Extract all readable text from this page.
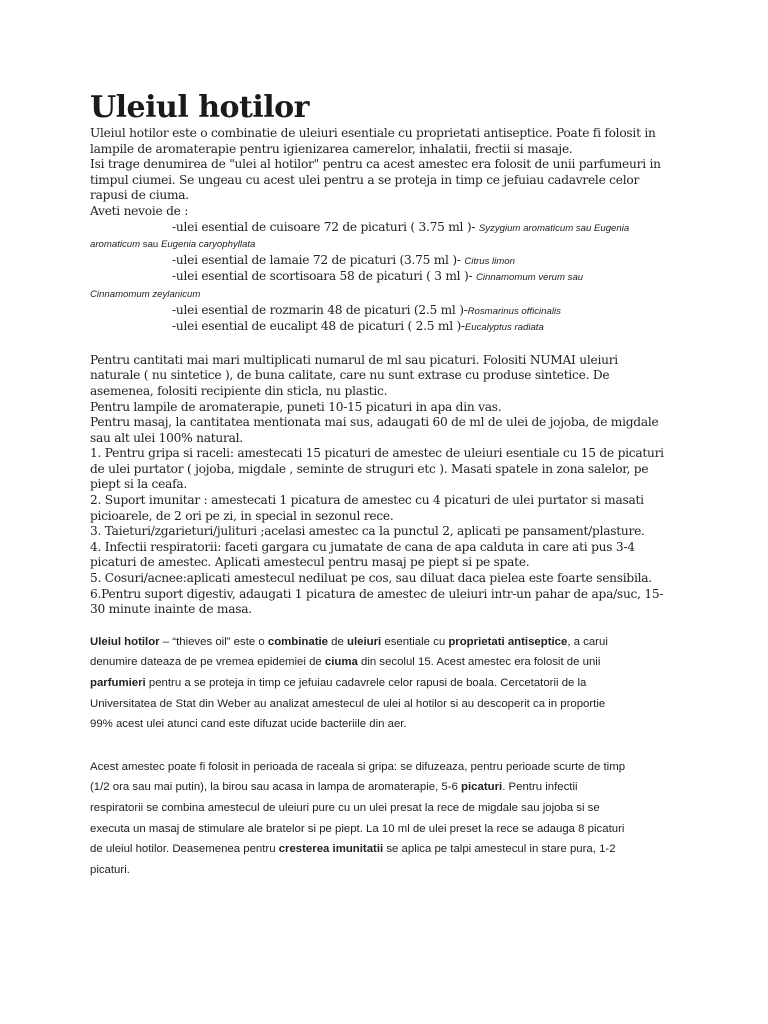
Uleiul hotilor
Uleiul hotilor este o combinatie de uleiuri esentiale cu proprietati antiseptice. Poate fi folosit in
lampile de aromaterapie pentru igienizarea camerelor, inhalatii, frectii si masaje.
Isi trage denumirea de "ulei al hotilor" pentru ca acest amestec era folosit de unii parfumeuri in
timpul ciumei. Se ungeau cu acest ulei pentru a se proteja in timp ce jefuiau cadavrele celor
rapusi de ciuma.
Aveti nevoie de :
-ulei esential de cuisoare 72 de picaturi ( 3.75 ml )- Syzygium aromaticum sau Eugenia
aromaticum sau Eugenia caryophyllata
-ulei esential de lamaie 72 de picaturi (3.75 ml )- Citrus limon
-ulei esential de scortisoara 58 de picaturi ( 3 ml )- Cinnamomum verum sau
Cinnamomum zeylanicum
-ulei esential de rozmarin 48 de picaturi (2.5 ml )-Rosmarinus officinalis
-ulei esential de eucalipt 48 de picaturi ( 2.5 ml )-Eucalyptus radiata
Pentru cantitati mai mari multiplicati numarul de ml sau picaturi. Folositi NUMAI uleiuri
naturale ( nu sintetice ), de buna calitate, care nu sunt extrase cu produse sintetice. De
asemenea, folositi recipiente din sticla, nu plastic.
Pentru lampile de aromaterapie, puneti 10-15 picaturi in apa din vas.
Pentru masaj, la cantitatea mentionata mai sus, adaugati 60 de ml de ulei de jojoba, de migdale
sau alt ulei 100% natural.
1. Pentru gripa si raceli: amestecati 15 picaturi de amestec de uleiuri esentiale cu 15 de picaturi
de ulei purtator ( jojoba, migdale , seminte de struguri etc ). Masati spatele in zona salelor, pe
piept si la ceafa.
2. Suport imunitar : amestecati 1 picatura de amestec cu 4 picaturi de ulei purtator si masati
picioarele, de 2 ori pe zi, in special in sezonul rece.
3. Taieturi/zgarieturi/julituri ;acelasi amestec ca la punctul 2, aplicati pe pansament/plasture.
4. Infectii respiratorii: faceti gargara cu jumatate de cana de apa calduta in care ati pus 3-4
picaturi de amestec. Aplicati amestecul pentru masaj pe piept si pe spate.
5. Cosuri/acnee:aplicati amestecul nediluat pe cos, sau diluat daca pielea este foarte sensibila.
6.Pentru suport digestiv, adaugati 1 picatura de amestec de uleiuri intr-un pahar de apa/suc, 15-
30 minute inainte de masa.
Uleiul hotilor – “thieves oil” este o combinatie de uleiuri esentiale cu proprietati antiseptice, a carui
denumire dateaza de pe vremea epidemiei de ciuma din secolul 15. Acest amestec era folosit de unii
parfumieri pentru a se proteja in timp ce jefuiau cadavrele celor rapusi de boala. Cercetatorii de la
Universitatea de Stat din Weber au analizat amestecul de ulei al hotilor si au descoperit ca in proportie
99% acest ulei atunci cand este difuzat ucide bacteriile din aer.
Acest amestec poate fi folosit in perioada de raceala si gripa: se difuzeaza, pentru perioade scurte de timp
(1/2 ora sau mai putin), la birou sau acasa in lampa de aromaterapie, 5-6 picaturi. Pentru infectii
respiratorii se combina amestecul de uleiuri pure cu un ulei presat la rece de migdale sau jojoba si se
executa un masaj de stimulare ale bratelor si pe piept. La 10 ml de ulei preset la rece se adauga 8 picaturi
de uleiul hotilor. Deasemenea pentru cresterea imunitatii se aplica pe talpi amestecul in stare pura, 1-2
picaturi.
